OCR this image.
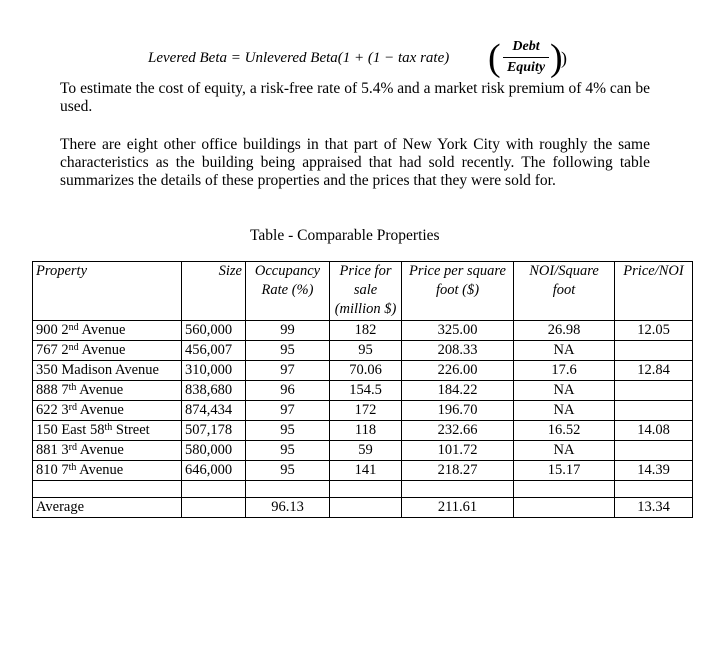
Levered Beta = Unlevered Beta(1 + (1 − tax rate) ( Debt
Equity )
)
To estimate the cost of equity, a risk-free rate of 5.4% and a market risk premium of 4% can be used.
There are eight other office buildings in that part of New York City with roughly the same characteristics as the building being appraised that had sold recently. The following table summarizes the details of these properties and the prices that they were sold for.
Table - Comparable Properties
Property	Size	Occupancy Rate (%)	Price for sale (million $)	Price per square foot ($)	NOI/Square foot	Price/NOI
900 2nd Avenue	560,000	99	182	325.00	26.98	12.05
767 2nd Avenue	456,007	95	95	208.33	NA	
350 Madison Avenue	310,000	97	70.06	226.00	17.6	12.84
888 7th Avenue	838,680	96	154.5	184.22	NA	
622 3rd Avenue	874,434	97	172	196.70	NA	
150 East 58th Street	507,178	95	118	232.66	16.52	14.08
881 3rd Avenue	580,000	95	59	101.72	NA	
810 7th Avenue	646,000	95	141	218.27	15.17	14.39

Average		96.13		211.61		13.34
